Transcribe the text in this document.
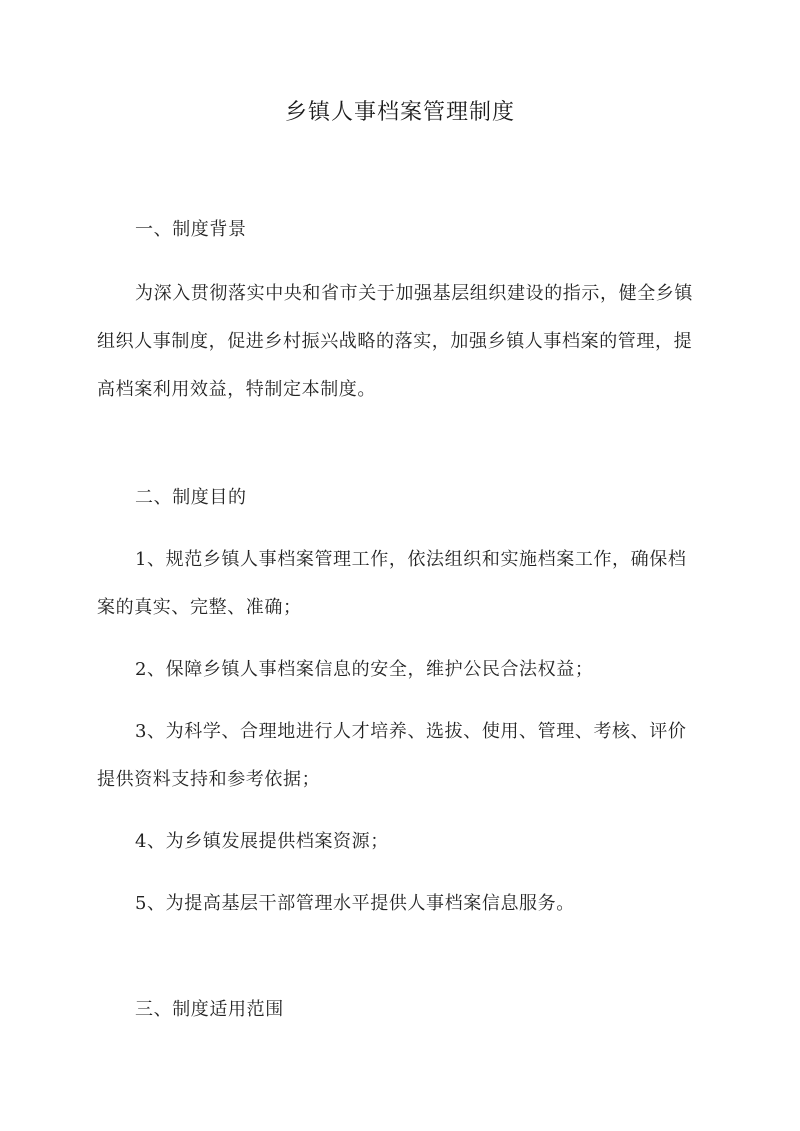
乡镇人事档案管理制度
一、制度背景
为深入贯彻落实中央和省市关于加强基层组织建设的指示，健全乡镇组织人事制度，促进乡村振兴战略的落实，加强乡镇人事档案的管理，提高档案利用效益，特制定本制度。
二、制度目的
1、规范乡镇人事档案管理工作，依法组织和实施档案工作，确保档案的真实、完整、准确；
2、保障乡镇人事档案信息的安全，维护公民合法权益；
3、为科学、合理地进行人才培养、选拔、使用、管理、考核、评价提供资料支持和参考依据；
4、为乡镇发展提供档案资源；
5、为提高基层干部管理水平提供人事档案信息服务。
三、制度适用范围
